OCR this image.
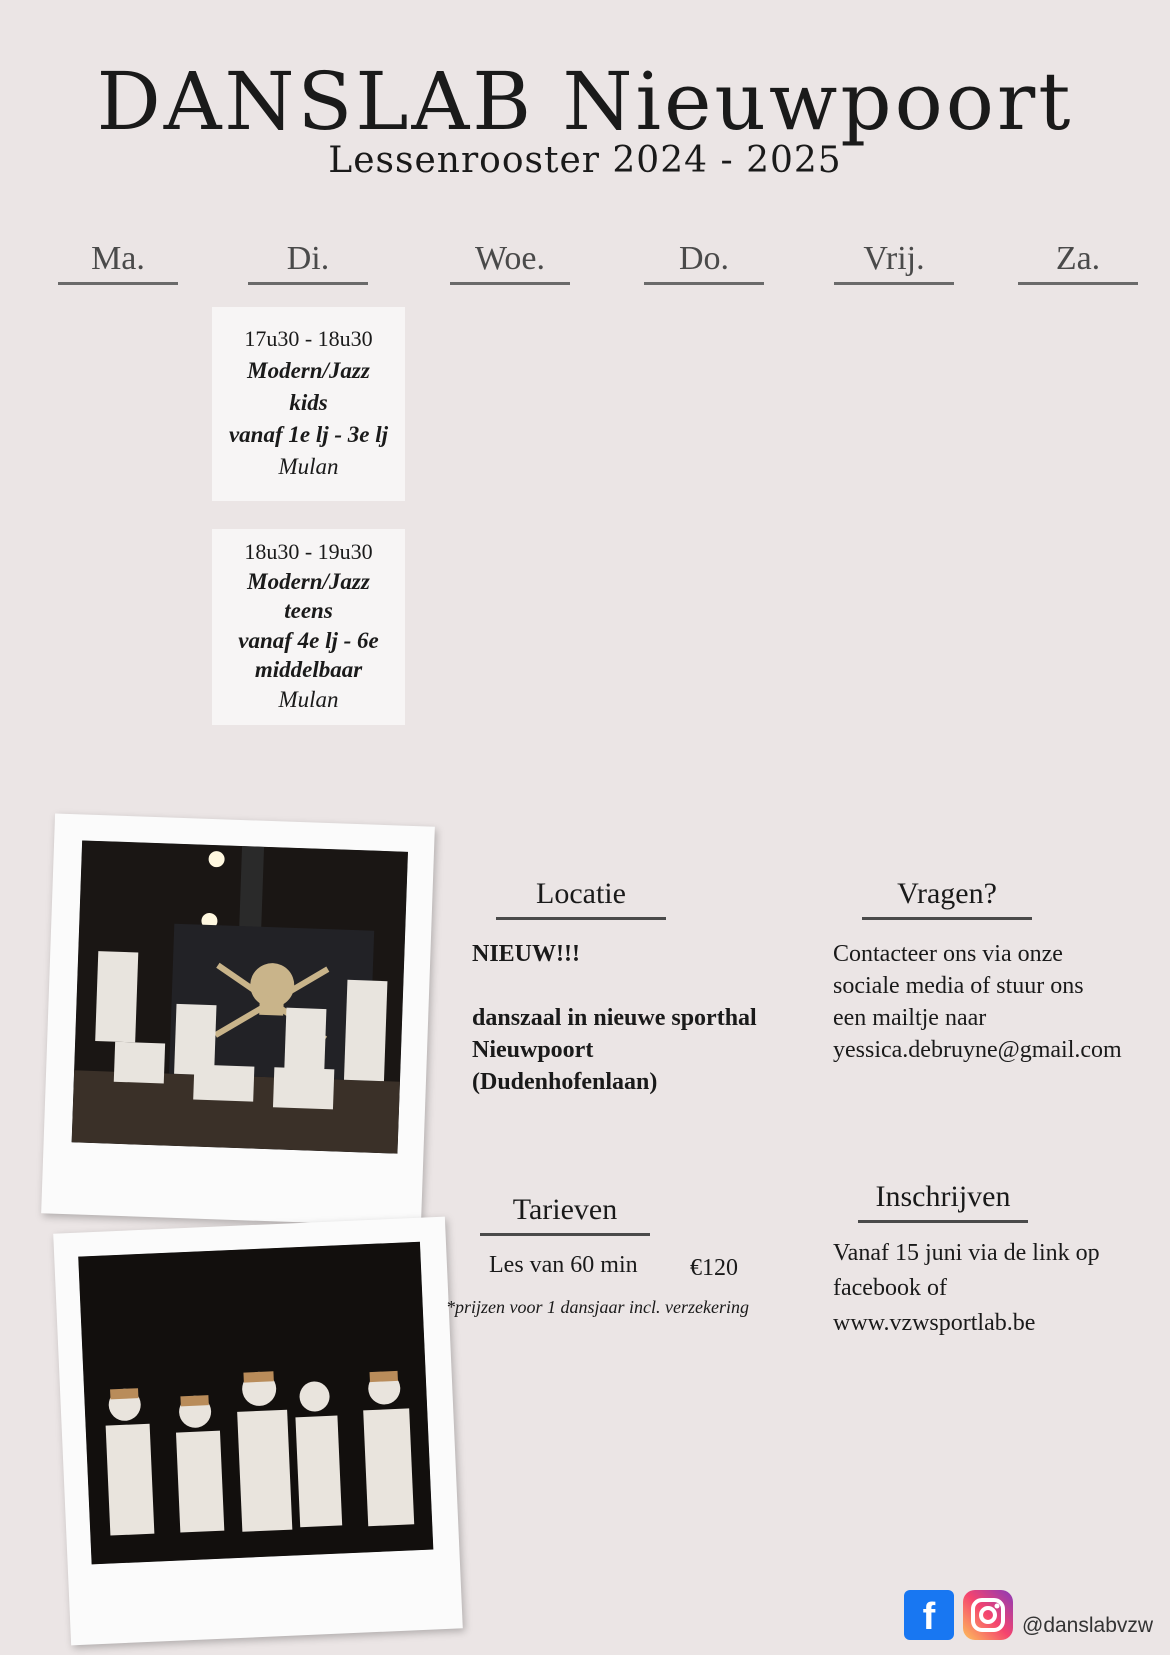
DANSLAB Nieuwpoort
Lessenrooster 2024 - 2025
Ma.	Di.	Woe.	Do.	Vrij.	Za.
17u30 - 18u30
Modern/Jazz
kids
vanaf 1e lj - 3e lj
Mulan
18u30 - 19u30
Modern/Jazz
teens
vanaf 4e lj - 6e
middelbaar
Mulan
Locatie
NIEUW!!!
danszaal in nieuwe sporthal
Nieuwpoort
(Dudenhofenlaan)
Vragen?
Contacteer ons via onze
sociale media of stuur ons
een mailtje naar
yessica.debruyne@gmail.com
Tarieven
Les van 60 min €120
*prijzen voor 1 dansjaar incl. verzekering
Inschrijven
Vanaf 15 juni via de link op
facebook of
www.vzwsportlab.be
f	@danslabvzw
